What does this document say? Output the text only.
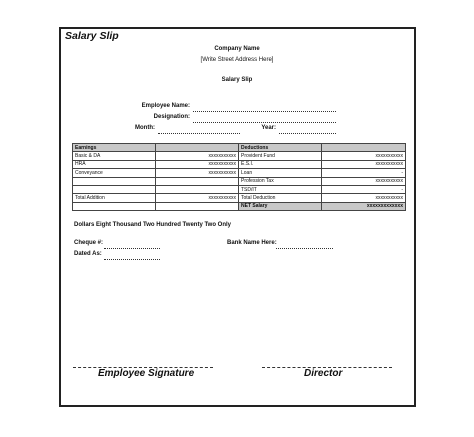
Salary Slip
Company Name
[Write Street Address Here]
Salary Slip
Employee Name:
Designation:
Month:	Year:
Earnings		Deductions	
Basic & DA	xxxxxxxxxxx	Provident Fund	xxxxxxxxxxx
HRA	xxxxxxxxxxx	E.S.I.	xxxxxxxxxxx
Conveyance	xxxxxxxxxxx	Loan	-
		Profession Tax	xxxxxxxxxxx
		TSD/IT	-
Total Addition	xxxxxxxxxxx	Total Deduction	xxxxxxxxxxx
		NET Salary	xxxxxxxxxxxxx
Dollars Eight Thousand Two Hundred Twenty Two Only
Cheque #:	Bank Name Here:
Dated As:
Employee Signature	Director
